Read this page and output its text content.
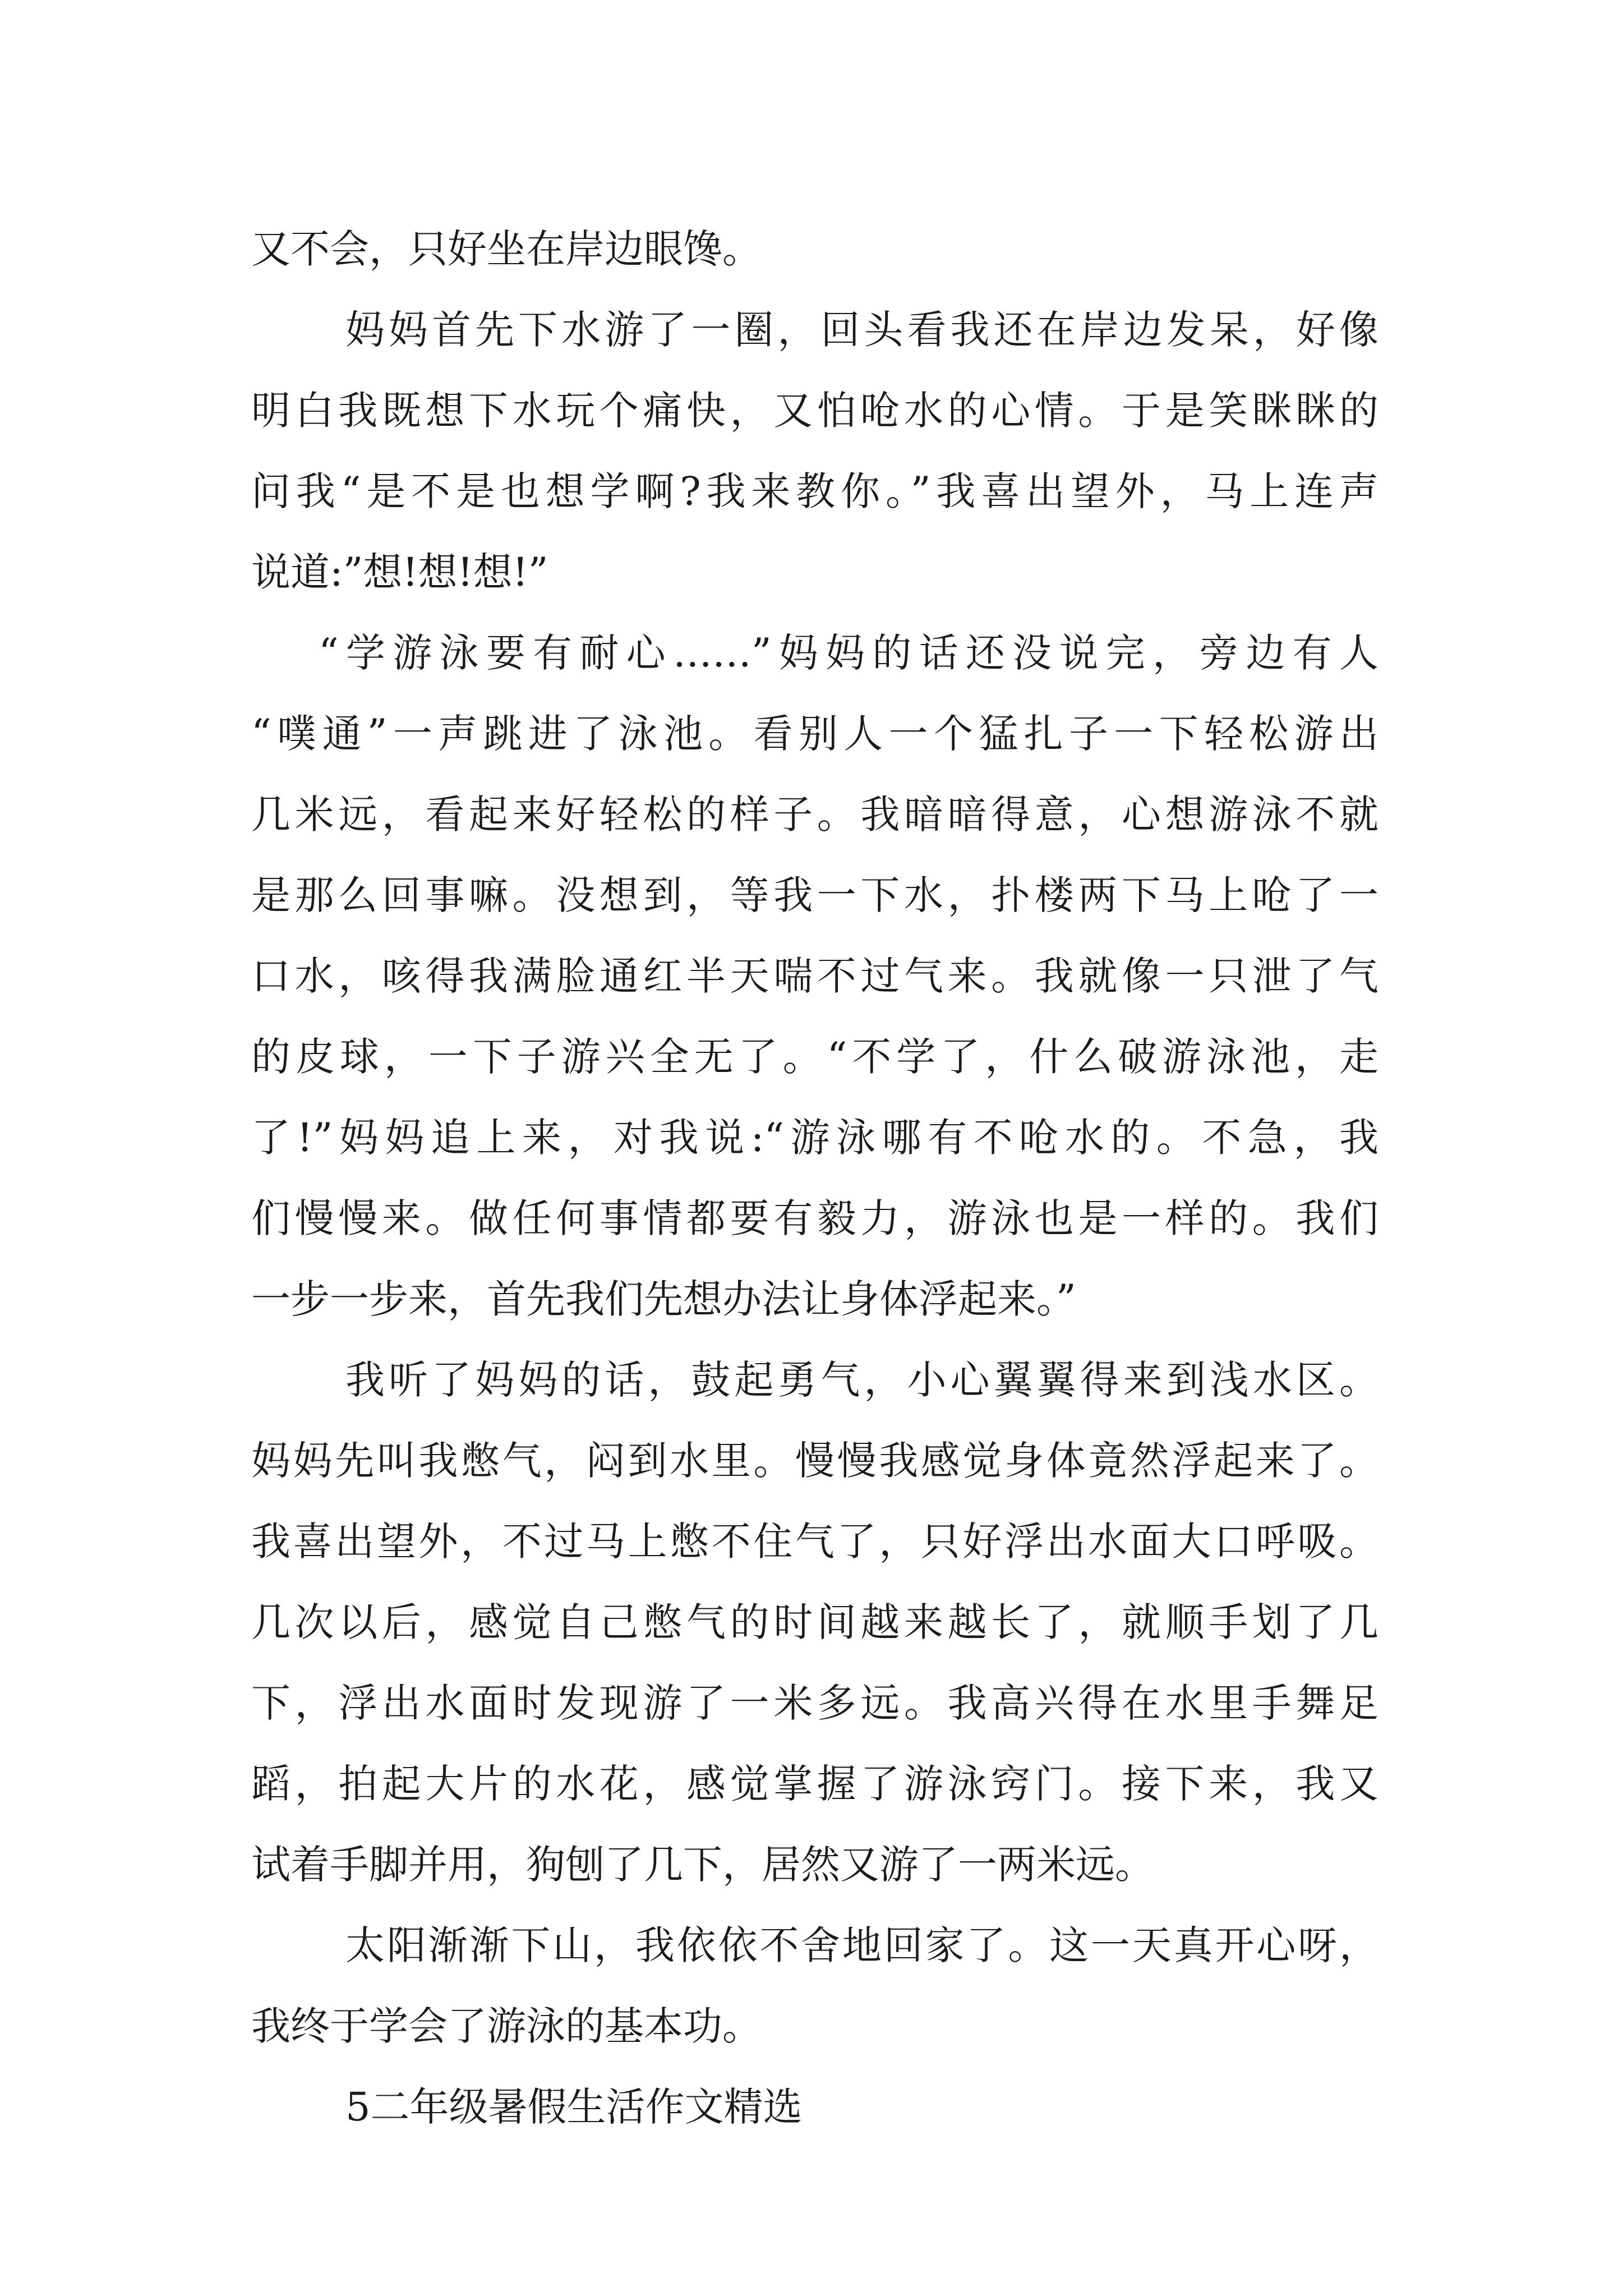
又不会，只好坐在岸边眼馋。
妈妈首先下水游了一圈，回头看我还在岸边发呆，好像
明白我既想下水玩个痛快，又怕呛水的心情。于是笑眯眯的
问我“是不是也想学啊?我来教你。”我喜出望外，马上连声
说道:”想!想!想!”
“学游泳要有耐心……”妈妈的话还没说完，旁边有人
“噗通”一声跳进了泳池。看别人一个猛扎子一下轻松游出
几米远，看起来好轻松的样子。我暗暗得意，心想游泳不就
是那么回事嘛。没想到，等我一下水，扑楼两下马上呛了一
口水，咳得我满脸通红半天喘不过气来。我就像一只泄了气
的皮球，一下子游兴全无了。“不学了，什么破游泳池，走
了!”妈妈追上来，对我说:“游泳哪有不呛水的。不急，我
们慢慢来。做任何事情都要有毅力，游泳也是一样的。我们
一步一步来，首先我们先想办法让身体浮起来。”
我听了妈妈的话，鼓起勇气，小心翼翼得来到浅水区。
妈妈先叫我憋气，闷到水里。慢慢我感觉身体竟然浮起来了。
我喜出望外，不过马上憋不住气了，只好浮出水面大口呼吸。
几次以后，感觉自己憋气的时间越来越长了，就顺手划了几
下，浮出水面时发现游了一米多远。我高兴得在水里手舞足
蹈，拍起大片的水花，感觉掌握了游泳窍门。接下来，我又
试着手脚并用，狗刨了几下，居然又游了一两米远。
太阳渐渐下山，我依依不舍地回家了。这一天真开心呀，
我终于学会了游泳的基本功。
5二年级暑假生活作文精选
